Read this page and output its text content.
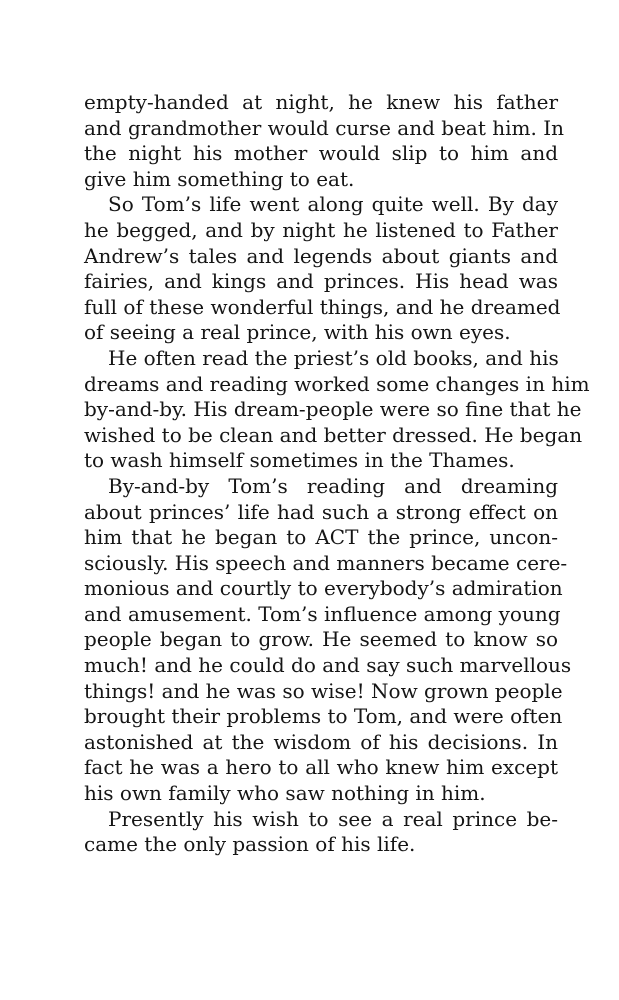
empty-handed at night, he knew his father
and grandmother would curse and beat him. In
the night his mother would slip to him and
give him something to eat.
So Tom’s life went along quite well. By day
he begged, and by night he listened to Father
Andrew’s tales and legends about giants and
fairies, and kings and princes. His head was
full of these wonderful things, and he dreamed
of seeing a real prince, with his own eyes.
He often read the priest’s old books, and his
dreams and reading worked some changes in him
by-and-by. His dream-people were so fine that he
wished to be clean and better dressed. He began
to wash himself sometimes in the Thames.
By-and-by Tom’s reading and dreaming
about princes’ life had such a strong effect on
him that he began to ACT the prince, uncon-
sciously. His speech and manners became cere-
monious and courtly to everybody’s admiration
and amusement. Tom’s influence among young
people began to grow. He seemed to know so
much! and he could do and say such marvellous
things! and he was so wise! Now grown people
brought their problems to Tom, and were often
astonished at the wisdom of his decisions. In
fact he was a hero to all who knew him except
his own family who saw nothing in him.
Presently his wish to see a real prince be-
came the only passion of his life.
